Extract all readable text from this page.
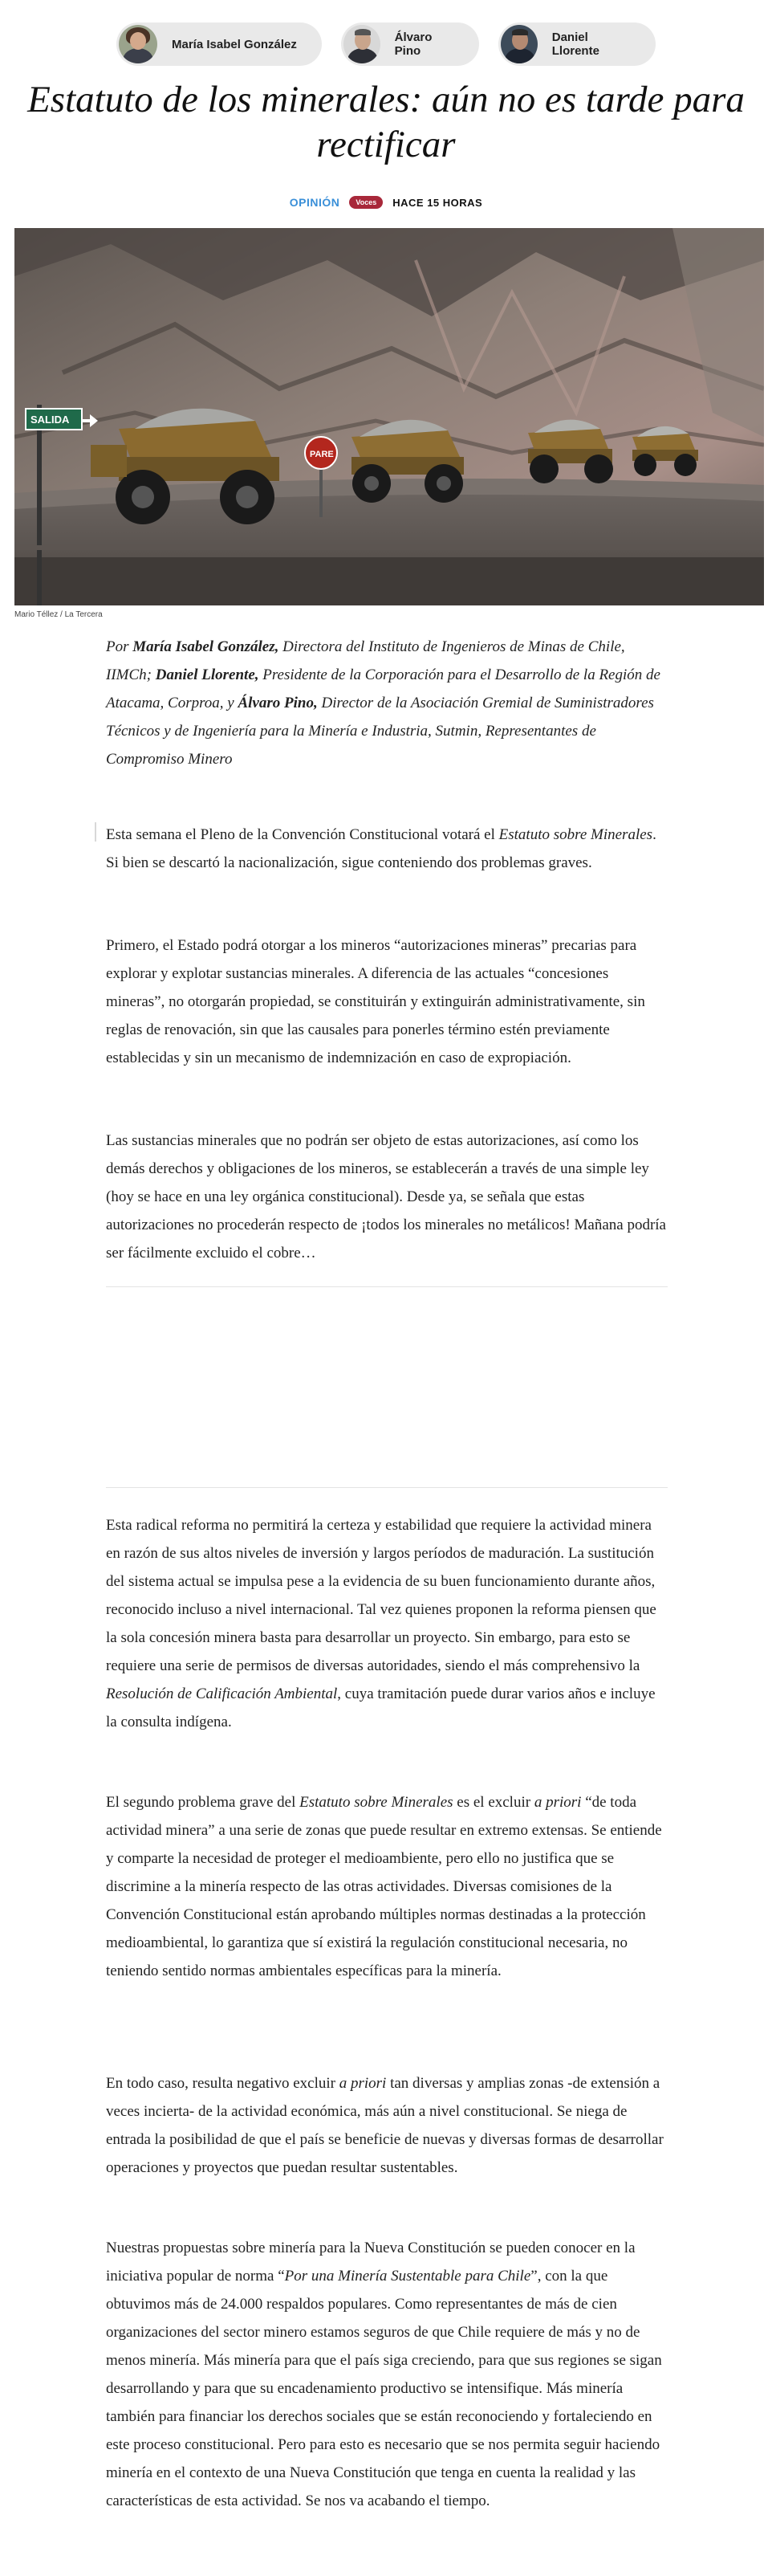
María Isabel González	Álvaro Pino
Daniel Llorente
Estatuto de los minerales: aún no es tarde para rectificar
OPINIÓN	Voces	HACE 15 HORAS
SALIDA
PARE
Mario Téllez / La Tercera

Por María Isabel González, Directora del Instituto de Ingenieros de Minas de Chile, IIMCh; Daniel Llorente, Presidente de la Corporación para el Desarrollo de la Región de Atacama, Corproa, y Álvaro Pino, Director de la Asociación Gremial de Suministradores Técnicos y de Ingeniería para la Minería e Industria, Sutmin, Representantes de Compromiso Minero

Esta semana el Pleno de la Convención Constitucional votará el Estatuto sobre Minerales. Si bien se descartó la nacionalización, sigue conteniendo dos problemas graves.

Primero, el Estado podrá otorgar a los mineros “autorizaciones mineras” precarias para explorar y explotar sustancias minerales. A diferencia de las actuales “concesiones mineras”, no otorgarán propiedad, se constituirán y extinguirán administrativamente, sin reglas de renovación, sin que las causales para ponerles término estén previamente establecidas y sin un mecanismo de indemnización en caso de expropiación.

Las sustancias minerales que no podrán ser objeto de estas autorizaciones, así como los demás derechos y obligaciones de los mineros, se establecerán a través de una simple ley (hoy se hace en una ley orgánica constitucional). Desde ya, se señala que estas autorizaciones no procederán respecto de ¡todos los minerales no metálicos! Mañana podría ser fácilmente excluido el cobre…

Esta radical reforma no permitirá la certeza y estabilidad que requiere la actividad minera en razón de sus altos niveles de inversión y largos períodos de maduración. La sustitución del sistema actual se impulsa pese a la evidencia de su buen funcionamiento durante años, reconocido incluso a nivel internacional. Tal vez quienes proponen la reforma piensen que la sola concesión minera basta para desarrollar un proyecto. Sin embargo, para esto se requiere una serie de permisos de diversas autoridades, siendo el más comprehensivo la Resolución de Calificación Ambiental, cuya tramitación puede durar varios años e incluye la consulta indígena.

El segundo problema grave del Estatuto sobre Minerales es el excluir a priori “de toda actividad minera” a una serie de zonas que puede resultar en extremo extensas. Se entiende y comparte la necesidad de proteger el medioambiente, pero ello no justifica que se discrimine a la minería respecto de las otras actividades. Diversas comisiones de la Convención Constitucional están aprobando múltiples normas destinadas a la protección medioambiental, lo garantiza que sí existirá la regulación constitucional necesaria, no teniendo sentido normas ambientales específicas para la minería.

En todo caso, resulta negativo excluir a priori tan diversas y amplias zonas -de extensión a veces incierta- de la actividad económica, más aún a nivel constitucional. Se niega de entrada la posibilidad de que el país se beneficie de nuevas y diversas formas de desarrollar operaciones y proyectos que puedan resultar sustentables.

Nuestras propuestas sobre minería para la Nueva Constitución se pueden conocer en la iniciativa popular de norma “Por una Minería Sustentable para Chile”, con la que obtuvimos más de 24.000 respaldos populares. Como representantes de más de cien organizaciones del sector minero estamos seguros de que Chile requiere de más y no de menos minería. Más minería para que el país siga creciendo, para que sus regiones se sigan desarrollando y para que su encadenamiento productivo se intensifique. Más minería también para financiar los derechos sociales que se están reconociendo y fortaleciendo en este proceso constitucional. Pero para esto es necesario que se nos permita seguir haciendo minería en el contexto de una Nueva Constitución que tenga en cuenta la realidad y las características de esta actividad. Se nos va acabando el tiempo.
